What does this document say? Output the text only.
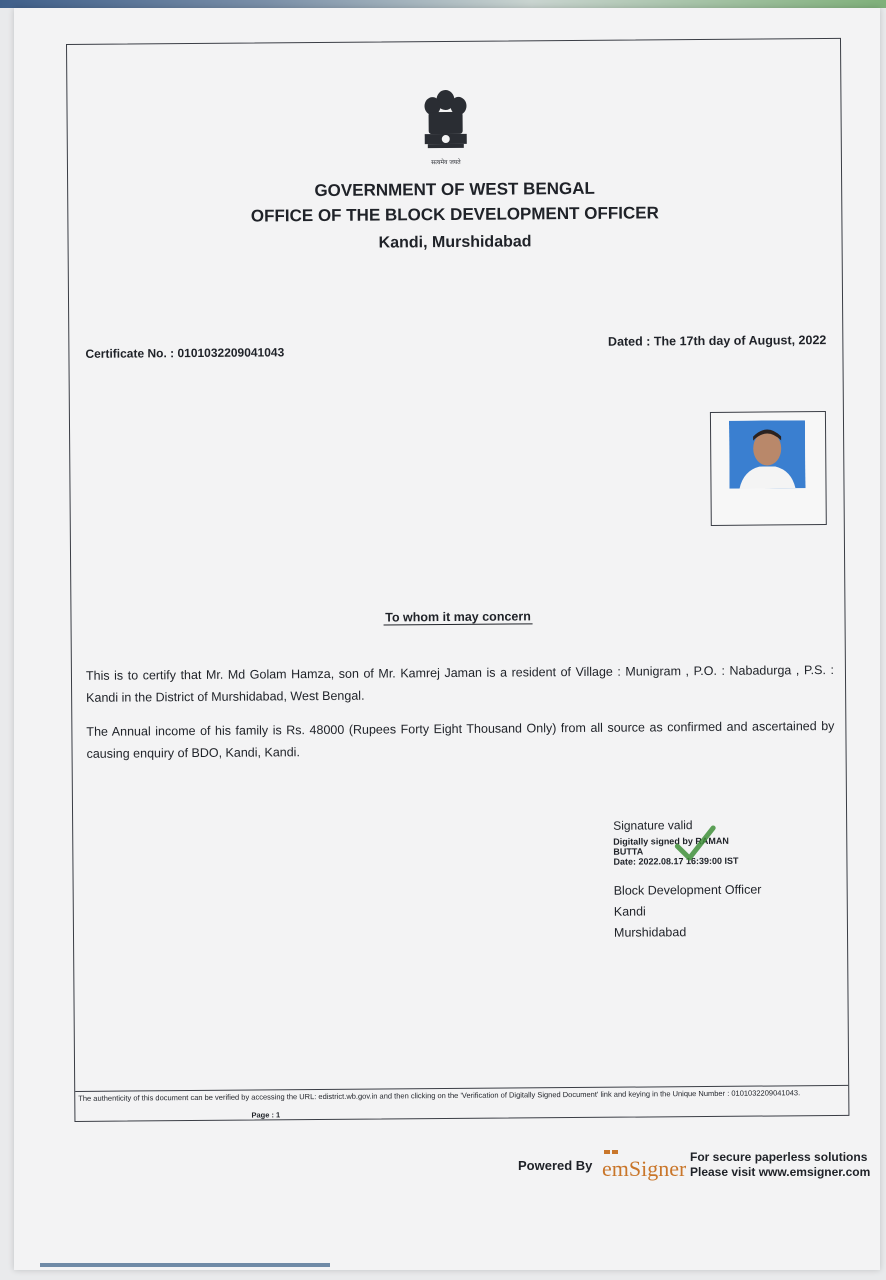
सत्यमेव जयते
GOVERNMENT OF WEST BENGAL
OFFICE OF THE BLOCK DEVELOPMENT OFFICER
Kandi, Murshidabad
Certificate No. : 0101032209041043
Dated : The 17th day of August, 2022
To whom it may concern
This is to certify that Mr. Md Golam Hamza, son of Mr. Kamrej Jaman is a resident of Village : Munigram , P.O. : Nabadurga , P.S. : Kandi in the District of Murshidabad, West Bengal.
The Annual income of his family is Rs. 48000 (Rupees Forty Eight Thousand Only) from all source as confirmed and ascertained by causing enquiry of BDO, Kandi, Kandi.
Signature valid
Digitally signed by RAMAN
BUTTA
Date: 2022.08.17 16:39:00 IST
Block Development Officer
Kandi
Murshidabad
The authenticity of this document can be verified by accessing the URL: edistrict.wb.gov.in and then clicking on the 'Verification of Digitally Signed Document' link and keying in the Unique Number : 0101032209041043.
Page : 1
Powered By emSigner For secure paperless solutions
Please visit www.emsigner.com
